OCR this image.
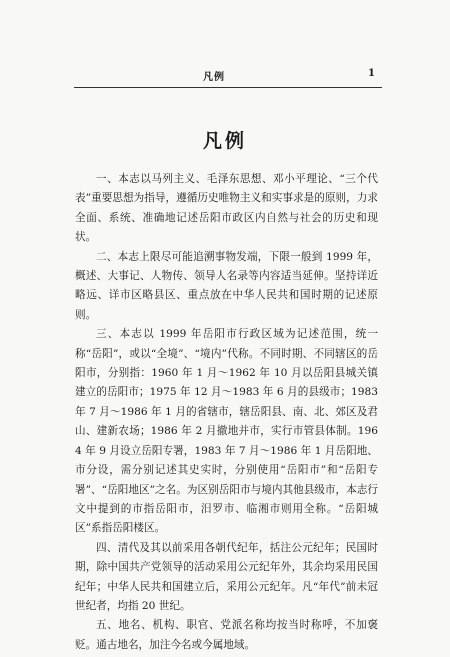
凡例	1
凡例

一、本志以马列主义、毛泽东思想、邓小平理论、“三个代表”重要思想为指导，遵循历史唯物主义和实事求是的原则，力求全面、系统、准确地记述岳阳市政区内自然与社会的历史和现状。

二、本志上限尽可能追溯事物发端，下限一般到 1999 年，概述、大事记、人物传、领导人名录等内容适当延伸。坚持详近略远、详市区略县区、重点放在中华人民共和国时期的记述原则。

三、本志以 1999 年岳阳市行政区域为记述范围，统一称“岳阳”，或以“全境”、“境内”代称。不同时期、不同辖区的岳阳市，分别指：1960 年 1 月～1962 年 10 月以岳阳县城关镇建立的岳阳市；1975 年 12 月～1983 年 6 月的县级市；1983 年 7 月～1986 年 1 月的省辖市，辖岳阳县、南、北、郊区及君山、建新农场；1986 年 2 月撤地并市，实行市管县体制。1964 年 9 月设立岳阳专署，1983 年 7 月～1986 年 1 月岳阳地、市分设，需分别记述其史实时，分别使用“岳阳市”和“岳阳专署”、“岳阳地区”之名。为区别岳阳市与境内其他县级市，本志行文中提到的市指岳阳市，汨罗市、临湘市则用全称。“岳阳城区”系指岳阳楼区。

四、清代及其以前采用各朝代纪年，括注公元纪年；民国时期，除中国共产党领导的活动采用公元纪年外，其余均采用民国纪年；中华人民共和国建立后，采用公元纪年。凡“年代”前未冠世纪者，均指 20 世纪。

五、地名、机构、职官、党派名称均按当时称呼，不加褒贬。通古地名，加注今名或今属地域。
